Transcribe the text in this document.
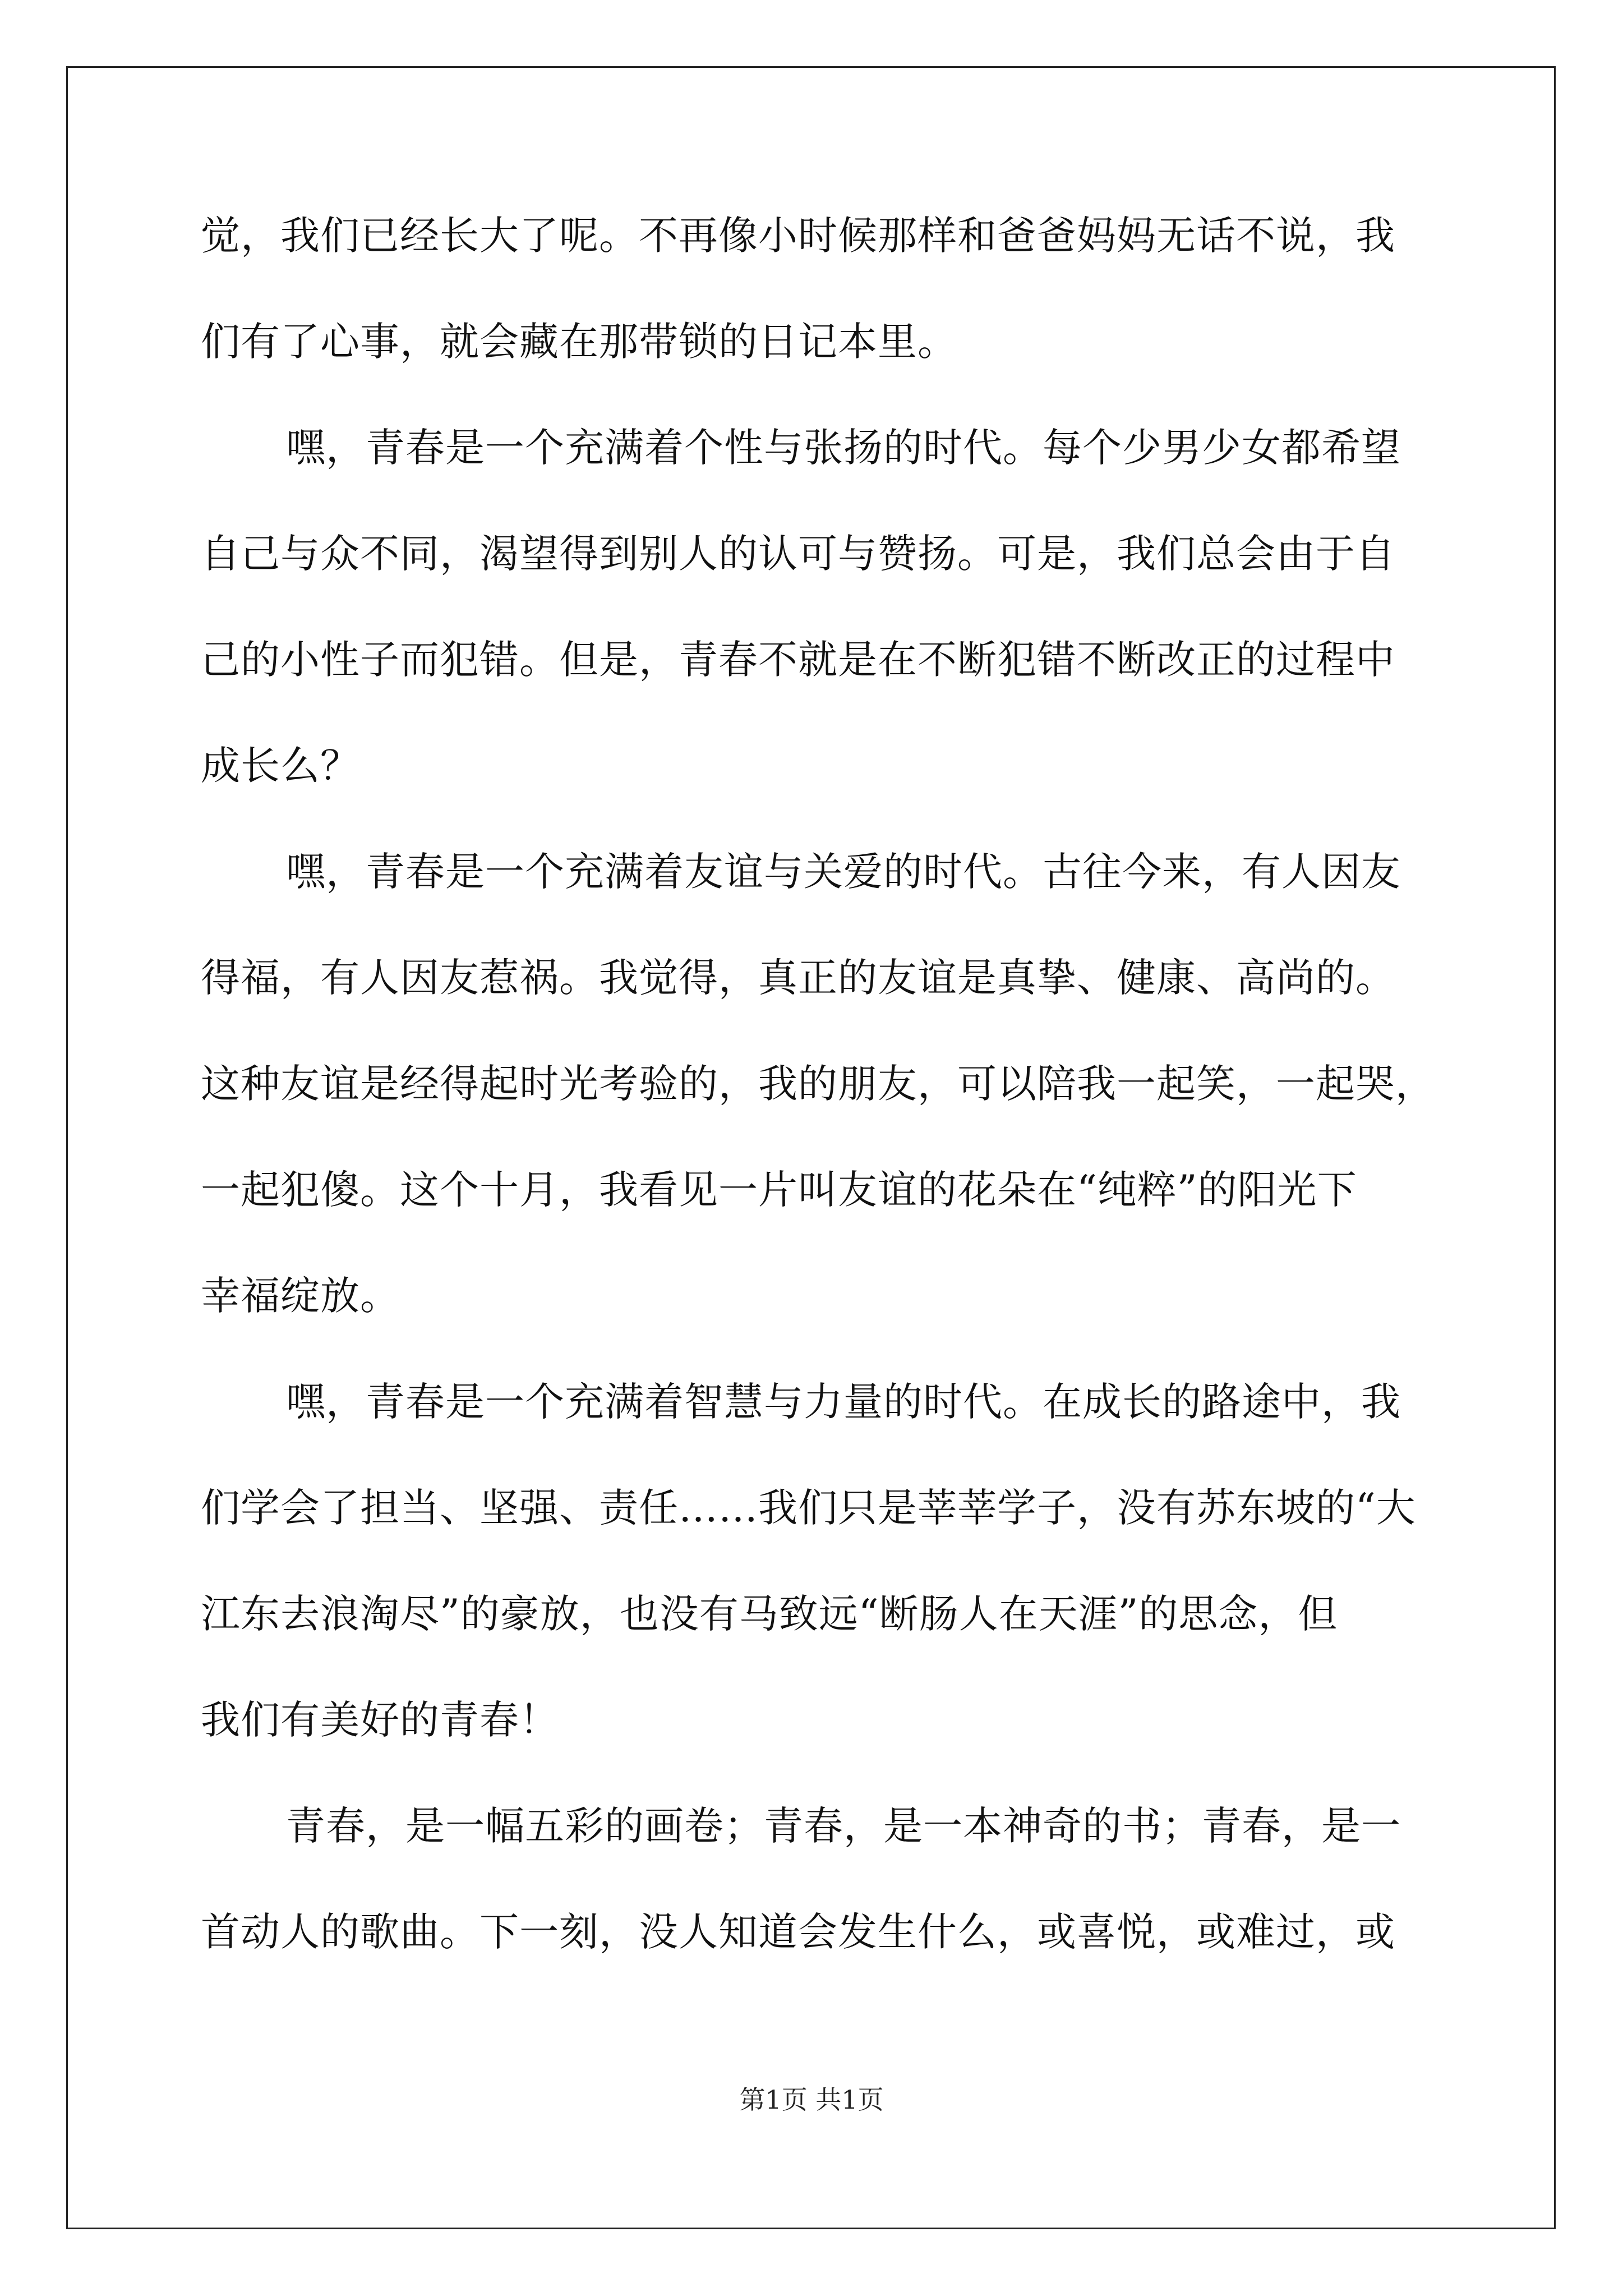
觉，我们已经长大了呢。不再像小时候那样和爸爸妈妈无话不说，我
们有了心事，就会藏在那带锁的日记本里。
嘿，青春是一个充满着个性与张扬的时代。每个少男少女都希望
自己与众不同，渴望得到别人的认可与赞扬。可是，我们总会由于自
己的小性子而犯错。但是，青春不就是在不断犯错不断改正的过程中
成长么？
嘿，青春是一个充满着友谊与关爱的时代。古往今来，有人因友
得福，有人因友惹祸。我觉得，真正的友谊是真挚、健康、高尚的。
这种友谊是经得起时光考验的，我的朋友，可以陪我一起笑，一起哭，
一起犯傻。这个十月，我看见一片叫友谊的花朵在“纯粹”的阳光下
幸福绽放。
嘿，青春是一个充满着智慧与力量的时代。在成长的路途中，我
们学会了担当、坚强、责任……我们只是莘莘学子，没有苏东坡的“大
江东去浪淘尽”的豪放，也没有马致远“断肠人在天涯”的思念，但
我们有美好的青春！
青春，是一幅五彩的画卷；青春，是一本神奇的书；青春，是一
首动人的歌曲。下一刻，没人知道会发生什么，或喜悦，或难过，或
第1页 共1页
